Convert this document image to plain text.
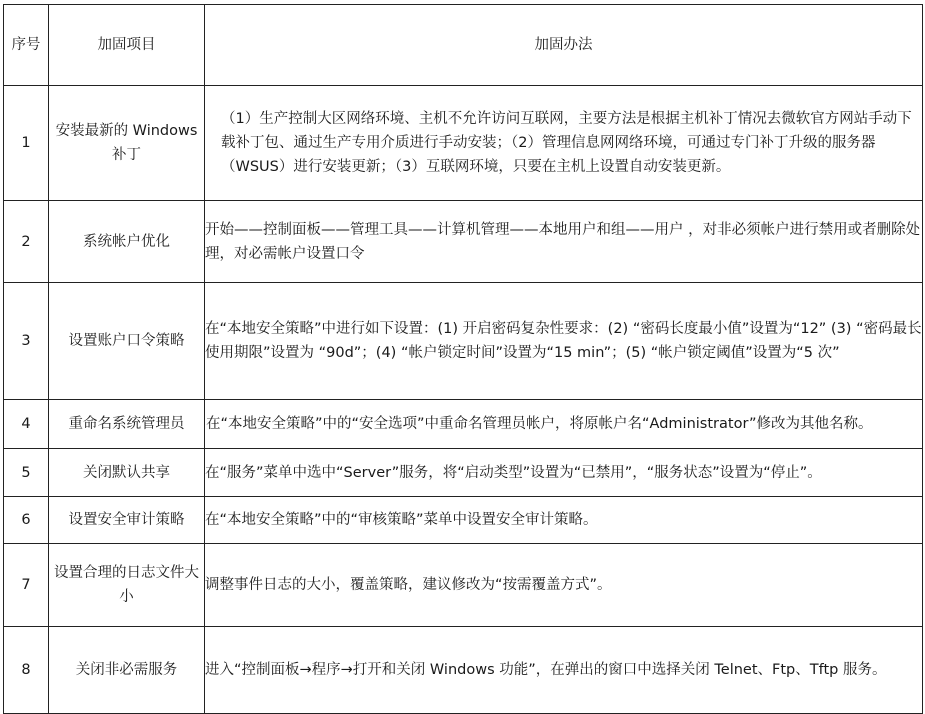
序号	加固项目	加固办法
1	安装最新的 Windows 补丁	（1）生产控制大区网络环境、主机不允许访问互联网，主要方法是根据主机补丁情况去微软官方网站手动下载补丁包、通过生产专用介质进行手动安装；（2）管理信息网网络环境，可通过专门补丁升级的服务器（WSUS）进行安装更新；（3）互联网环境，只要在主机上设置自动安装更新。
2	系统帐户优化	开始——控制面板——管理工具——计算机管理——本地用户和组——用户 ，对非必须帐户进行禁用或者删除处理，对必需帐户设置口令
3	设置账户口令策略	在“本地安全策略”中进行如下设置：(1) 开启密码复杂性要求：(2) “密码长度最小值”设置为“12” (3) “密码最长使用期限”设置为 “90d”；(4) “帐户锁定时间”设置为“15 min”；(5) “帐户锁定阈值”设置为“5 次”
4	重命名系统管理员	在“本地安全策略”中的“安全选项”中重命名管理员帐户，将原帐户名“Administrator”修改为其他名称。
5	关闭默认共享	在“服务”菜单中选中“Server”服务，将“启动类型”设置为“已禁用”，“服务状态”设置为“停止”。
6	设置安全审计策略	在“本地安全策略”中的“审核策略”菜单中设置安全审计策略。
7	设置合理的日志文件大小	调整事件日志的大小，覆盖策略，建议修改为“按需覆盖方式”。
8	关闭非必需服务	进入“控制面板→程序→打开和关闭 Windows 功能”，在弹出的窗口中选择关闭 Telnet、Ftp、Tftp 服务。
